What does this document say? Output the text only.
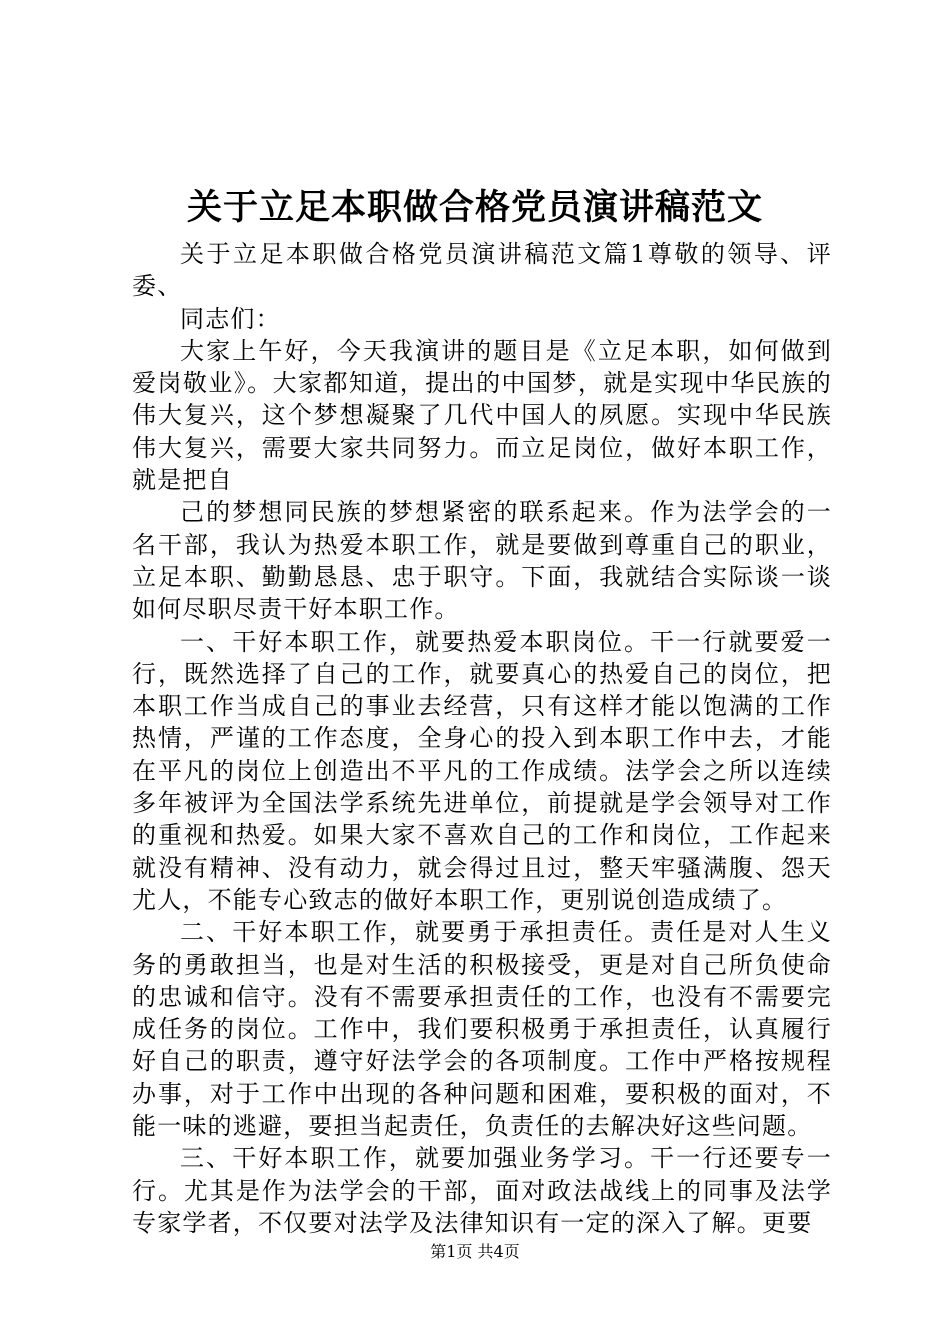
关于立足本职做合格党员演讲稿范文

关于立足本职做合格党员演讲稿范文篇1尊敬的领导、评委、

同志们：

大家上午好，今天我演讲的题目是《立足本职，如何做到爱岗敬业》。大家都知道，提出的中国梦，就是实现中华民族的伟大复兴，这个梦想凝聚了几代中国人的夙愿。实现中华民族伟大复兴，需要大家共同努力。而立足岗位，做好本职工作，就是把自

己的梦想同民族的梦想紧密的联系起来。作为法学会的一名干部，我认为热爱本职工作，就是要做到尊重自己的职业，立足本职、勤勤恳恳、忠于职守。下面，我就结合实际谈一谈如何尽职尽责干好本职工作。

一、干好本职工作，就要热爱本职岗位。干一行就要爱一行，既然选择了自己的工作，就要真心的热爱自己的岗位，把本职工作当成自己的事业去经营，只有这样才能以饱满的工作热情，严谨的工作态度，全身心的投入到本职工作中去，才能在平凡的岗位上创造出不平凡的工作成绩。法学会之所以连续多年被评为全国法学系统先进单位，前提就是学会领导对工作的重视和热爱。如果大家不喜欢自己的工作和岗位，工作起来就没有精神、没有动力，就会得过且过，整天牢骚满腹、怨天尤人，不能专心致志的做好本职工作，更别说创造成绩了。

二、干好本职工作，就要勇于承担责任。责任是对人生义务的勇敢担当，也是对生活的积极接受，更是对自己所负使命的忠诚和信守。没有不需要承担责任的工作，也没有不需要完成任务的岗位。工作中，我们要积极勇于承担责任，认真履行好自己的职责，遵守好法学会的各项制度。工作中严格按规程办事，对于工作中出现的各种问题和困难，要积极的面对，不能一味的逃避，要担当起责任，负责任的去解决好这些问题。

三、干好本职工作，就要加强业务学习。干一行还要专一行。尤其是作为法学会的干部，面对政法战线上的同事及法学专家学者，不仅要对法学及法律知识有一定的深入了解。更要

第1页 共4页
